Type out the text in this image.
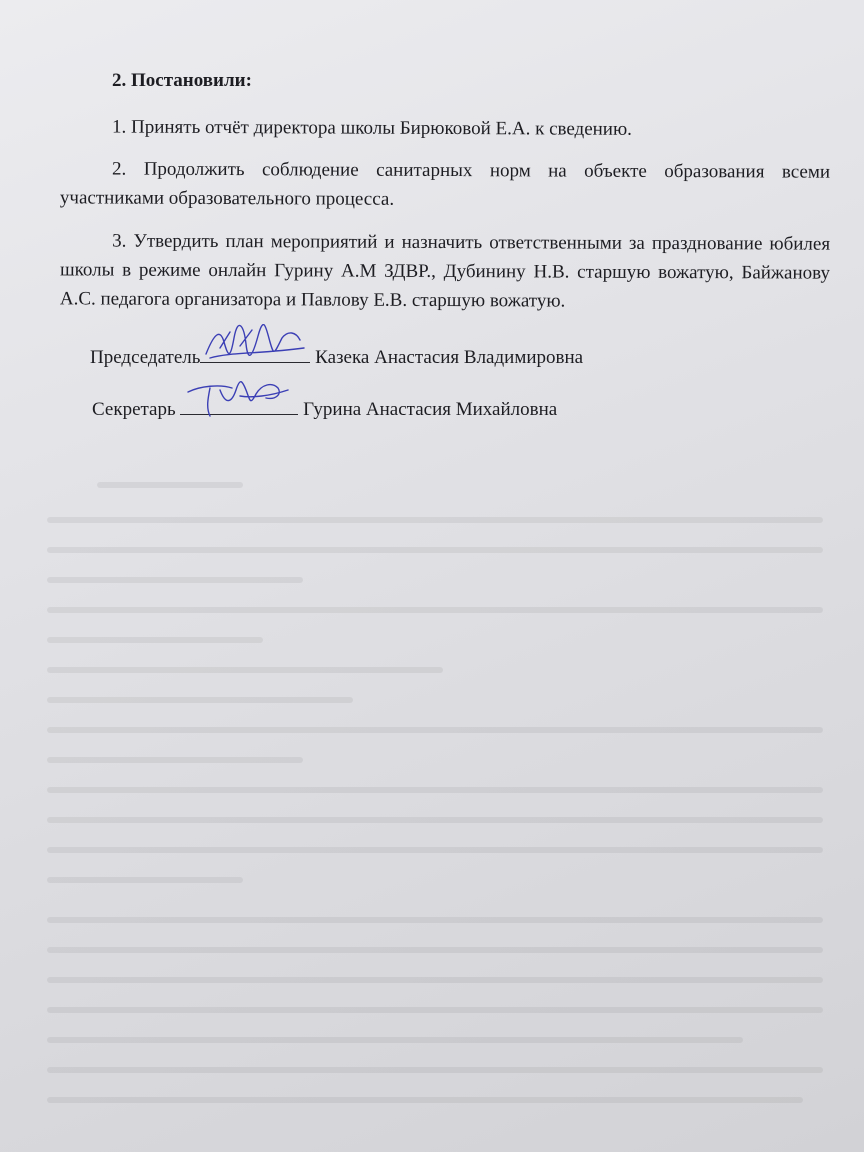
2. Постановили:
1. Принять отчёт директора школы Бирюковой Е.А. к сведению.
2. Продолжить соблюдение санитарных норм на объекте образования всеми участниками образовательного процесса.
3. Утвердить план мероприятий и назначить ответственными за празднование юбилея школы в режиме онлайн Гурину А.М ЗДВР., Дубинину Н.В. старшую вожатую, Байжанову А.С. педагога организатора и Павлову Е.В. старшую вожатую.
Председатель	Казека Анастасия Владимировна
Секретарь	Гурина Анастасия Михайловна
